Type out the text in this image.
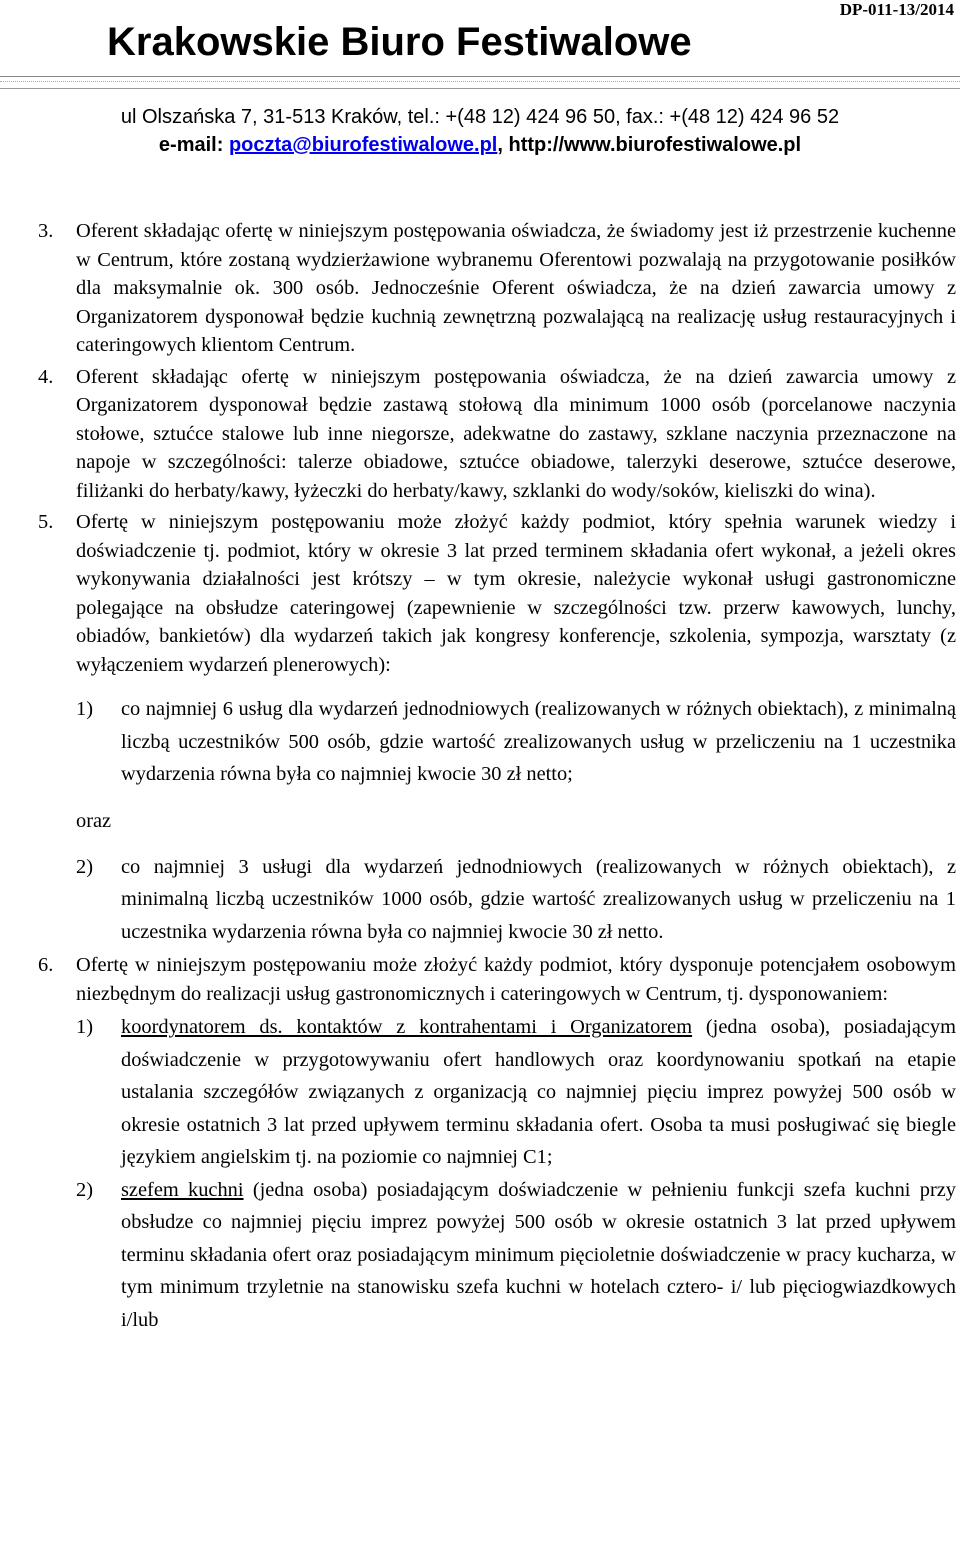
DP-011-13/2014
Krakowskie Biuro Festiwalowe
ul Olszańska 7, 31-513 Kraków, tel.: +(48 12) 424 96 50, fax.: +(48 12) 424 96 52
e-mail: poczta@biurofestiwalowe.pl, http://www.biurofestiwalowe.pl
3. Oferent składając ofertę w niniejszym postępowania oświadcza, że świadomy jest iż przestrzenie kuchenne w Centrum, które zostaną wydzierżawione wybranemu Oferentowi pozwalają na przygotowanie posiłków dla maksymalnie ok. 300 osób. Jednocześnie Oferent oświadcza, że na dzień zawarcia umowy z Organizatorem dysponował będzie kuchnią zewnętrzną pozwalającą na realizację usług restauracyjnych i cateringowych klientom Centrum.
4. Oferent składając ofertę w niniejszym postępowania oświadcza, że na dzień zawarcia umowy z Organizatorem dysponował będzie zastawą stołową dla minimum 1000 osób (porcelanowe naczynia stołowe, sztućce stalowe lub inne niegorsze, adekwatne do zastawy, szklane naczynia przeznaczone na napoje w szczególności: talerze obiadowe, sztućce obiadowe, talerzyki deserowe, sztućce deserowe, filiżanki do herbaty/kawy, łyżeczki do herbaty/kawy, szklanki do wody/soków, kieliszki do wina).
5. Ofertę w niniejszym postępowaniu może złożyć każdy podmiot, który spełnia warunek wiedzy i doświadczenie tj. podmiot, który w okresie 3 lat przed terminem składania ofert wykonał, a jeżeli okres wykonywania działalności jest krótszy – w tym okresie, należycie wykonał usługi gastronomiczne polegające na obsłudze cateringowej (zapewnienie w szczególności tzw. przerw kawowych, lunchy, obiadów, bankietów) dla wydarzeń takich jak kongresy konferencje, szkolenia, sympozja, warsztaty (z wyłączeniem wydarzeń plenerowych):
1) co najmniej 6 usług dla wydarzeń jednodniowych (realizowanych w różnych obiektach), z minimalną liczbą uczestników 500 osób, gdzie wartość zrealizowanych usług w przeliczeniu na 1 uczestnika wydarzenia równa była co najmniej kwocie 30 zł netto;
oraz
2) co najmniej 3 usługi dla wydarzeń jednodniowych (realizowanych w różnych obiektach), z minimalną liczbą uczestników 1000 osób, gdzie wartość zrealizowanych usług w przeliczeniu na 1 uczestnika wydarzenia równa była co najmniej kwocie 30 zł netto.
6. Ofertę w niniejszym postępowaniu może złożyć każdy podmiot, który dysponuje potencjałem osobowym niezbędnym do realizacji usług gastronomicznych i cateringowych w Centrum, tj. dysponowaniem:
1) koordynatorem ds. kontaktów z kontrahentami i Organizatorem (jedna osoba), posiadającym doświadczenie w przygotowywaniu ofert handlowych oraz koordynowaniu spotkań na etapie ustalania szczegółów związanych z organizacją co najmniej pięciu imprez powyżej 500 osób w okresie ostatnich 3 lat przed upływem terminu składania ofert. Osoba ta musi posługiwać się biegle językiem angielskim tj. na poziomie co najmniej C1;
2) szefem kuchni (jedna osoba) posiadającym doświadczenie w pełnieniu funkcji szefa kuchni przy obsłudze co najmniej pięciu imprez powyżej 500 osób w okresie ostatnich 3 lat przed upływem terminu składania ofert oraz posiadającym minimum pięcioletnie doświadczenie w pracy kucharza, w tym minimum trzyletnie na stanowisku szefa kuchni w hotelach cztero- i/ lub pięciogwiazdkowych i/lub
